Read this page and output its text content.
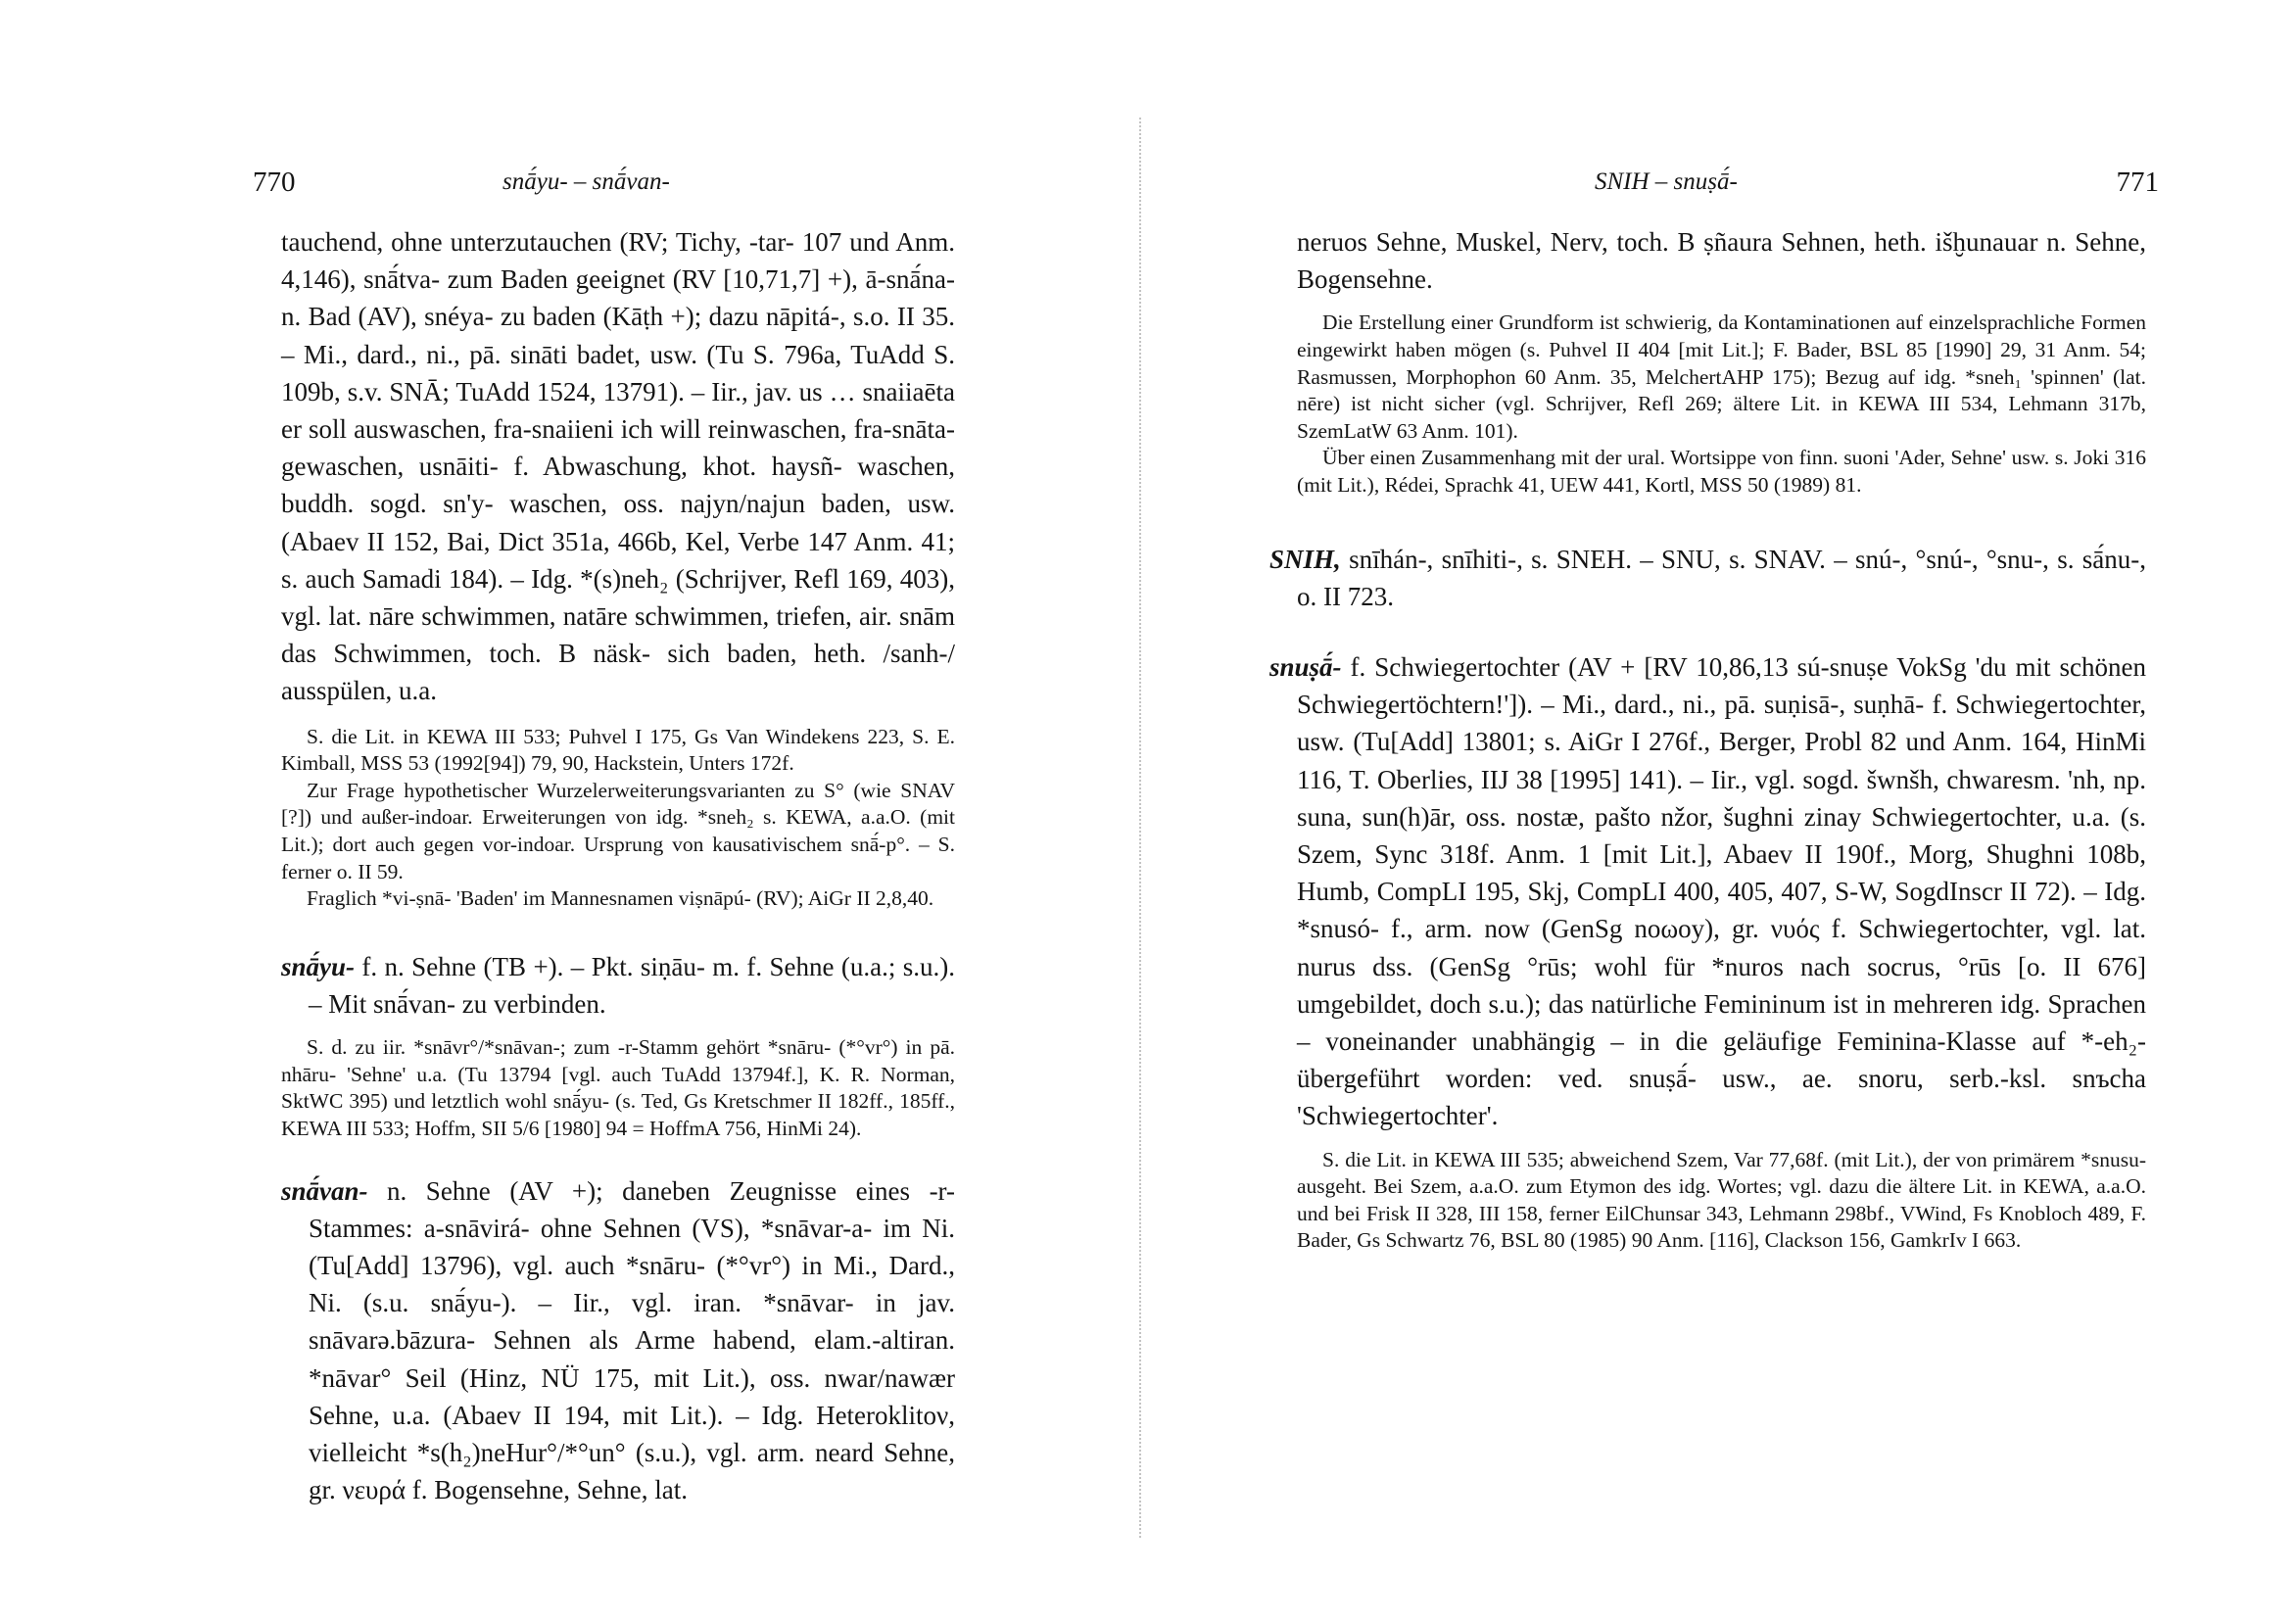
770	snā́yu- – snā́van-

tauchend, ohne unterzutauchen (RV; Tichy, -tar- 107 und Anm. 4,146), snā́tva- zum Baden geeignet (RV [10,71,7] +), ā-snā́na- n. Bad (AV), snéya- zu baden (Kāṭh +); dazu nāpitá-, s.o. II 35. – Mi., dard., ni., pā. sināti badet, usw. (Tu S. 796a, TuAdd S. 109b, s.v. SNĀ; TuAdd 1524, 13791). – Iir., jav. us … snaiiaēta er soll auswaschen, fra-snaiieni ich will reinwaschen, fra-snāta- gewaschen, usnāiti- f. Abwaschung, khot. haysñ- waschen, buddh. sogd. sn'y- waschen, oss. najyn/najun baden, usw. (Abaev II 152, Bai, Dict 351a, 466b, Kel, Verbe 147 Anm. 41; s. auch Samadi 184). – Idg. *(s)neh₂ (Schrijver, Refl 169, 403), vgl. lat. nāre schwimmen, natāre schwimmen, triefen, air. snām das Schwimmen, toch. B näsk- sich baden, heth. /sanh-/ ausspülen, u.a.

S. die Lit. in KEWA III 533; Puhvel I 175, Gs Van Windekens 223, S. E. Kimball, MSS 53 (1992[94]) 79, 90, Hackstein, Unters 172f.

Zur Frage hypothetischer Wurzelerweiterungsvarianten zu S° (wie SNAV [?]) und außer-indoar. Erweiterungen von idg. *sneh₂ s. KEWA, a.a.O. (mit Lit.); dort auch gegen vor-indoar. Ursprung von kausativischem snā́-p°. – S. ferner o. II 59.

Fraglich *vi-ṣnā- 'Baden' im Mannesnamen viṣnāpú- (RV); AiGr II 2,8,40.

snā́yu- f. n. Sehne (TB +). – Pkt. siṇāu- m. f. Sehne (u.a.; s.u.). – Mit snā́van- zu verbinden.

S. d. zu iir. *snāvr°/*snāvan-; zum -r-Stamm gehört *snāru- (*°vr°) in pā. nhāru- 'Sehne' u.a. (Tu 13794 [vgl. auch TuAdd 13794f.], K. R. Norman, SktWC 395) und letztlich wohl snā́yu- (s. Ted, Gs Kretschmer II 182ff., 185ff., KEWA III 533; Hoffm, SII 5/6 [1980] 94 = HoffmA 756, HinMi 24).

snā́van- n. Sehne (AV +); daneben Zeugnisse eines -r-Stammes: a-snāvirá- ohne Sehnen (VS), *snāvar-a- im Ni. (Tu[Add] 13796), vgl. auch *snāru- (*°vr°) in Mi., Dard., Ni. (s.u. snā́yu-). – Iir., vgl. iran. *snāvar- in jav. snāvarə.bāzura- Sehnen als Arme habend, elam.-altiran. *nāvar° Seil (Hinz, NÜ 175, mit Lit.), oss. nwar/nawær Sehne, u.a. (Abaev II 194, mit Lit.). – Idg. Heteroklitον, vielleicht *s(h₂)neHur°/*°un° (s.u.), vgl. arm. neard Sehne, gr. νευρά f. Bogensehne, Sehne, lat.

SNIH – snuṣā́-	771

neruos Sehne, Muskel, Nerv, toch. B ṣñaura Sehnen, heth. išḫunauar n. Sehne, Bogensehne.

Die Erstellung einer Grundform ist schwierig, da Kontaminationen auf einzelsprachliche Formen eingewirkt haben mögen (s. Puhvel II 404 [mit Lit.]; F. Bader, BSL 85 [1990] 29, 31 Anm. 54; Rasmussen, Morphophon 60 Anm. 35, MelchertAHP 175); Bezug auf idg. *sneh₁ 'spinnen' (lat. nēre) ist nicht sicher (vgl. Schrijver, Refl 269; ältere Lit. in KEWA III 534, Lehmann 317b, SzemLatW 63 Anm. 101).

Über einen Zusammenhang mit der ural. Wortsippe von finn. suoni 'Ader, Sehne' usw. s. Joki 316 (mit Lit.), Rédei, Sprachk 41, UEW 441, Kortl, MSS 50 (1989) 81.

SNIH, snīhán-, snīhiti-, s. SNEH. – SNU, s. SNAV. – snú-, °snú-, °snu-, s. sā́nu-, o. II 723.

snuṣā́- f. Schwiegertochter (AV + [RV 10,86,13 sú-snuṣe VokSg 'du mit schönen Schwiegertöchtern!']). – Mi., dard., ni., pā. suṇisā-, suṇhā- f. Schwiegertochter, usw. (Tu[Add] 13801; s. AiGr I 276f., Berger, Probl 82 und Anm. 164, HinMi 116, T. Oberlies, IIJ 38 [1995] 141). – Iir., vgl. sogd. šwnšh, chwaresm. 'nh, np. suna, sun(h)ār, oss. nostæ, pašto nžor, šughni zinay Schwiegertochter, u.a. (s. Szem, Sync 318f. Anm. 1 [mit Lit.], Abaev II 190f., Morg, Shughni 108b, Humb, CompLI 195, Skj, CompLI 400, 405, 407, S-W, SogdInscr II 72). – Idg. *snusó- f., arm. now (GenSg noωoy), gr. νυός f. Schwiegertochter, vgl. lat. nurus dss. (GenSg °rūs; wohl für *nuros nach socrus, °rūs [o. II 676] umgebildet, doch s.u.); das natürliche Femininum ist in mehreren idg. Sprachen – voneinander unabhängig – in die geläufige Feminina-Klasse auf *-eh₂- übergeführt worden: ved. snuṣā́- usw., ae. snoru, serb.-ksl. snъcha 'Schwiegertochter'.

S. die Lit. in KEWA III 535; abweichend Szem, Var 77,68f. (mit Lit.), der von primärem *snusu- ausgeht. Bei Szem, a.a.O. zum Etymon des idg. Wortes; vgl. dazu die ältere Lit. in KEWA, a.a.O. und bei Frisk II 328, III 158, ferner EilChunsar 343, Lehmann 298bf., VWind, Fs Knobloch 489, F. Bader, Gs Schwartz 76, BSL 80 (1985) 90 Anm. [116], Clackson 156, GamkrIv I 663.
